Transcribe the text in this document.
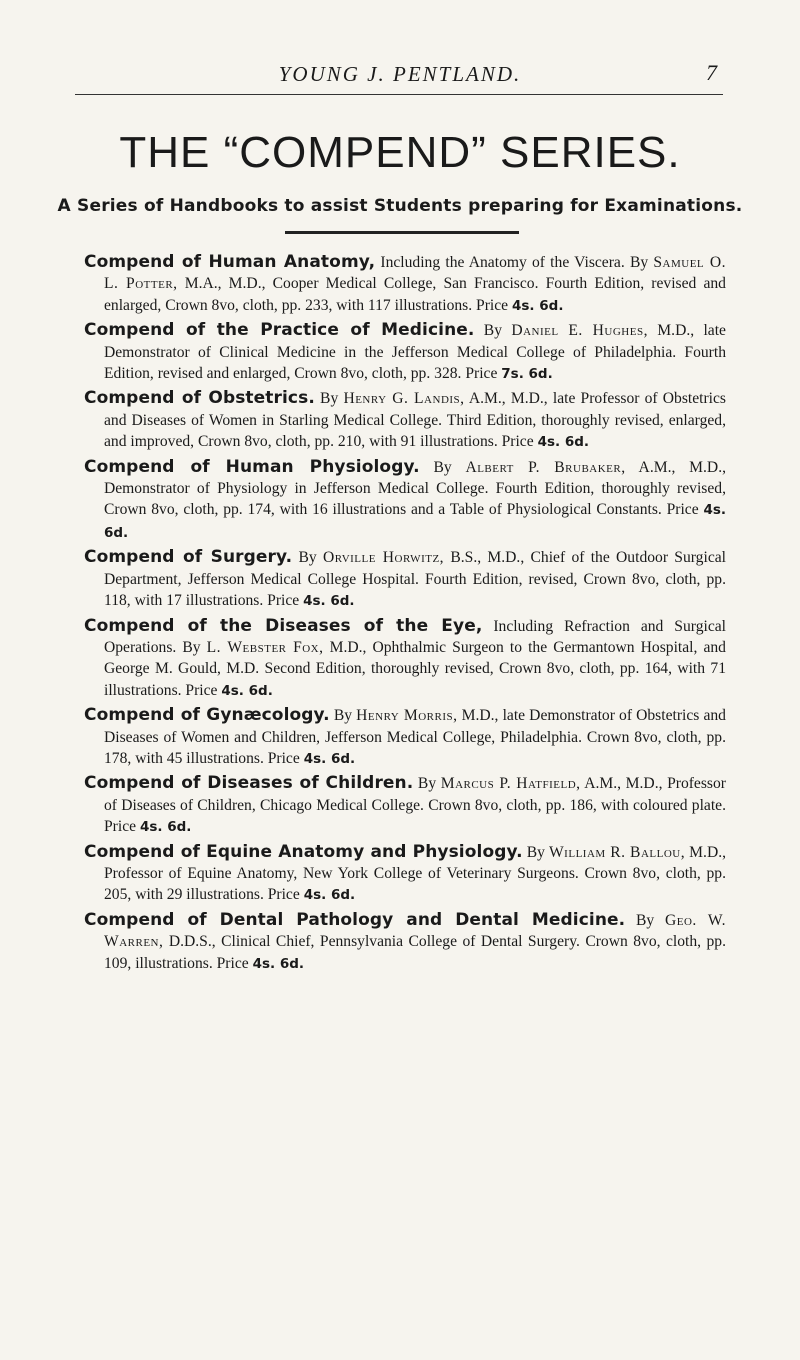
YOUNG J. PENTLAND.	7
THE “COMPEND” SERIES.
A Series of Handbooks to assist Students preparing for Examinations.

Compend of Human Anatomy, Including the Anatomy of the Viscera. By Samuel O. L. Potter, M.A., M.D., Cooper Medical College, San Francisco. Fourth Edition, revised and enlarged, Crown 8vo, cloth, pp. 233, with 117 illustrations. Price 4s. 6d.

Compend of the Practice of Medicine. By Daniel E. Hughes, M.D., late Demonstrator of Clinical Medicine in the Jefferson Medical College of Philadelphia. Fourth Edition, revised and enlarged, Crown 8vo, cloth, pp. 328. Price 7s. 6d.

Compend of Obstetrics. By Henry G. Landis, A.M., M.D., late Professor of Obstetrics and Diseases of Women in Starling Medical College. Third Edition, thoroughly revised, enlarged, and improved, Crown 8vo, cloth, pp. 210, with 91 illustrations. Price 4s. 6d.

Compend of Human Physiology. By Albert P. Brubaker, A.M., M.D., Demonstrator of Physiology in Jefferson Medical College. Fourth Edition, thoroughly revised, Crown 8vo, cloth, pp. 174, with 16 illustrations and a Table of Physiological Constants. Price 4s. 6d.

Compend of Surgery. By Orville Horwitz, B.S., M.D., Chief of the Outdoor Surgical Department, Jefferson Medical College Hospital. Fourth Edition, revised, Crown 8vo, cloth, pp. 118, with 17 illustrations. Price 4s. 6d.

Compend of the Diseases of the Eye, Including Refraction and Surgical Operations. By L. Webster Fox, M.D., Ophthalmic Surgeon to the Germantown Hospital, and George M. Gould, M.D. Second Edition, thoroughly revised, Crown 8vo, cloth, pp. 164, with 71 illustrations. Price 4s. 6d.

Compend of Gynæcology. By Henry Morris, M.D., late Demonstrator of Obstetrics and Diseases of Women and Children, Jefferson Medical College, Philadelphia. Crown 8vo, cloth, pp. 178, with 45 illustrations. Price 4s. 6d.

Compend of Diseases of Children. By Marcus P. Hatfield, A.M., M.D., Professor of Diseases of Children, Chicago Medical College. Crown 8vo, cloth, pp. 186, with coloured plate. Price 4s. 6d.

Compend of Equine Anatomy and Physiology. By William R. Ballou, M.D., Professor of Equine Anatomy, New York College of Veterinary Surgeons. Crown 8vo, cloth, pp. 205, with 29 illustrations. Price 4s. 6d.

Compend of Dental Pathology and Dental Medicine. By Geo. W. Warren, D.D.S., Clinical Chief, Pennsylvania College of Dental Surgery. Crown 8vo, cloth, pp. 109, illustrations. Price 4s. 6d.
